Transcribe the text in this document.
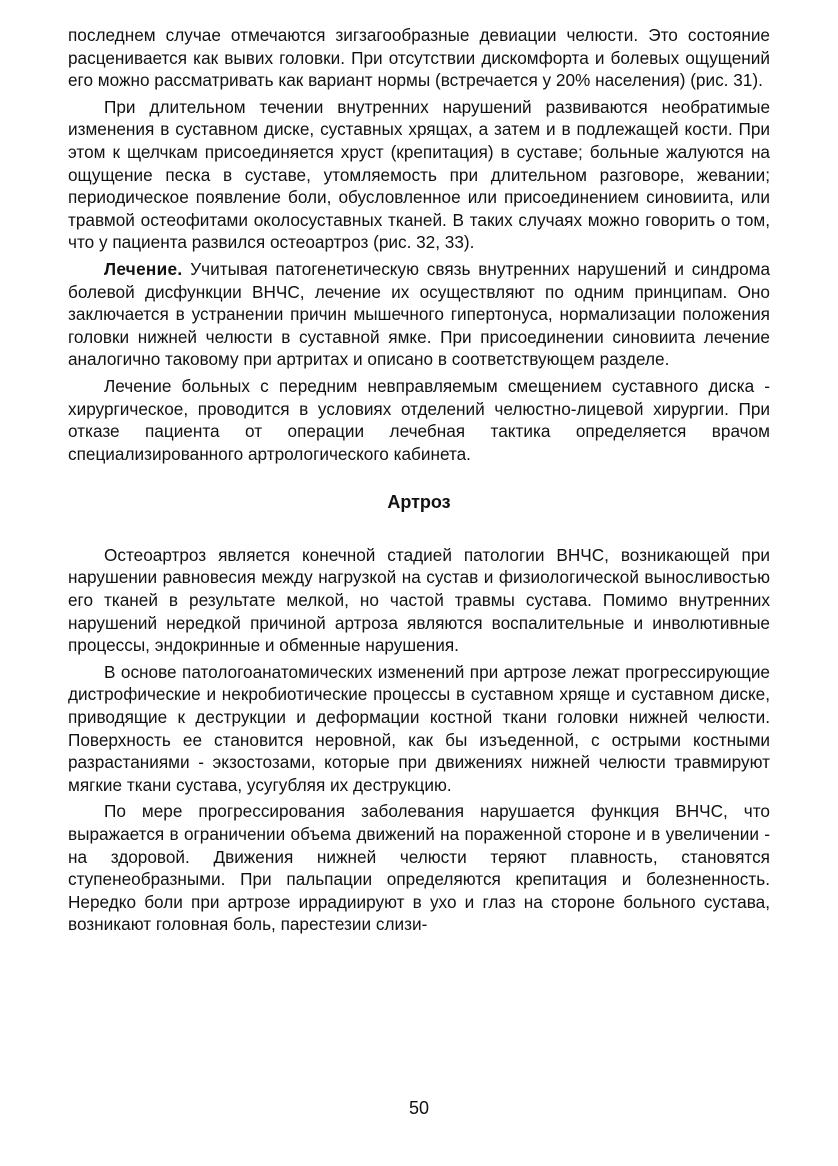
последнем случае отмечаются зигзагообразные девиации челюсти. Это состояние расценивается как вывих головки. При отсутствии дискомфорта и болевых ощущений его можно рассматривать как вариант нормы (встречается у 20% населения) (рис. 31).

При длительном течении внутренних нарушений развиваются необратимые изменения в суставном диске, суставных хрящах, а затем и в подлежащей кости. При этом к щелчкам присоединяется хруст (крепитация) в суставе; больные жалуются на ощущение песка в суставе, утомляемость при длительном разговоре, жевании; периодическое появление боли, обусловленное или присоединением синовиита, или травмой остеофитами околосуставных тканей. В таких случаях можно говорить о том, что у пациента развился остеоартроз (рис. 32, 33).

Лечение. Учитывая патогенетическую связь внутренних нарушений и синдрома болевой дисфункции ВНЧС, лечение их осуществляют по одним принципам. Оно заключается в устранении причин мышечного гипертонуса, нормализации положения головки нижней челюсти в суставной ямке. При присоединении синовиита лечение аналогично таковому при артритах и описано в соответствующем разделе.

Лечение больных с передним невправляемым смещением суставного диска - хирургическое, проводится в условиях отделений челюстно-лицевой хирургии. При отказе пациента от операции лечебная тактика определяется врачом специализированного артрологического кабинета.

Артроз

Остеоартроз является конечной стадией патологии ВНЧС, возникающей при нарушении равновесия между нагрузкой на сустав и физиологической выносливостью его тканей в результате мелкой, но частой травмы сустава. Помимо внутренних нарушений нередкой причиной артроза являются воспалительные и инволютивные процессы, эндокринные и обменные нарушения.

В основе патологоанатомических изменений при артрозе лежат прогрессирующие дистрофические и некробиотические процессы в суставном хряще и суставном диске, приводящие к деструкции и деформации костной ткани головки нижней челюсти. Поверхность ее становится неровной, как бы изъеденной, с острыми костными разрастаниями - экзостозами, которые при движениях нижней челюсти травмируют мягкие ткани сустава, усугубляя их деструкцию.

По мере прогрессирования заболевания нарушается функция ВНЧС, что выражается в ограничении объема движений на пораженной стороне и в увеличении - на здоровой. Движения нижней челюсти теряют плавность, становятся ступенеобразными. При пальпации определяются крепитация и болезненность. Нередко боли при артрозе иррадиируют в ухо и глаз на стороне больного сустава, возникают головная боль, парестезии слизи-

50
